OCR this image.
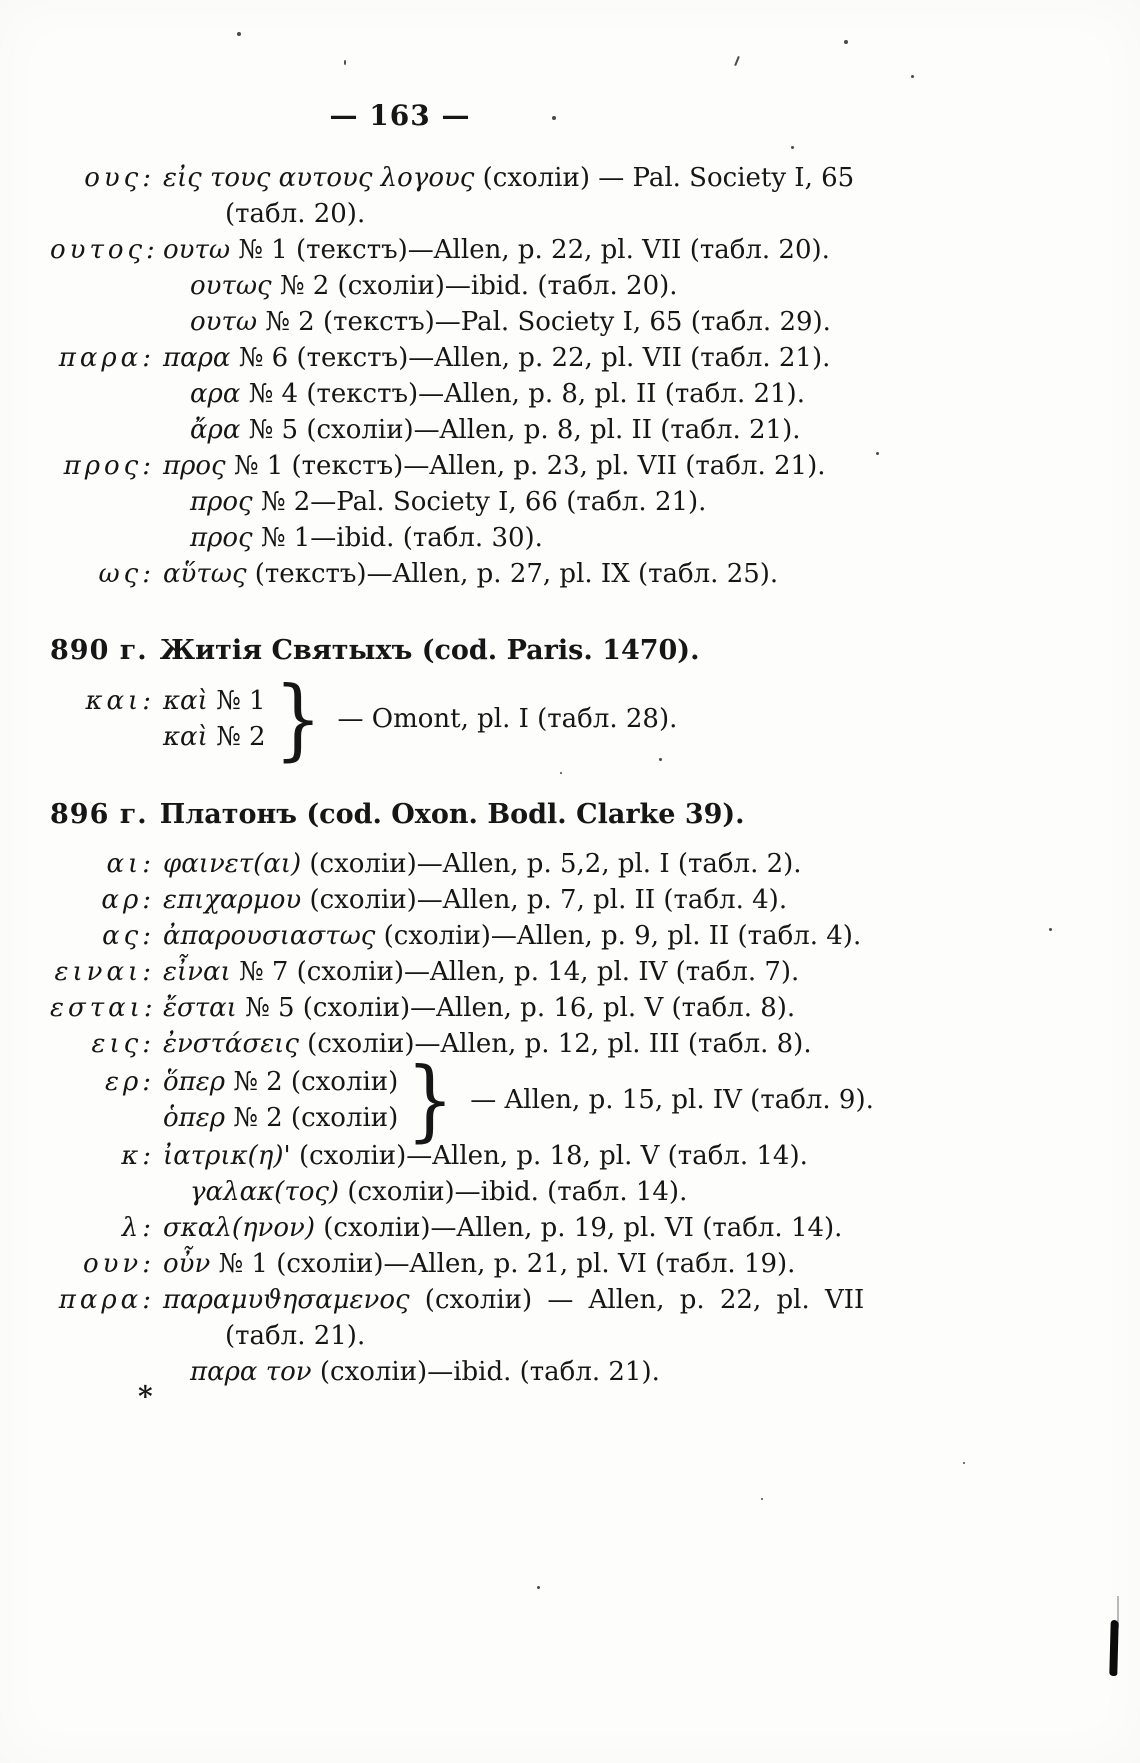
— 163 —
ους: εἰς τους αυτους λογους (схоліи) — Pal. Society I, 65
(табл. 20).
ουτος: ουτω № 1 (текстъ)—Allen, p. 22, pl. VII (табл. 20).
ουτως № 2 (схоліи)—ibid. (табл. 20).
ουτω № 2 (текстъ)—Pal. Society I, 65 (табл. 29).
παρα: παρα № 6 (текстъ)—Allen, p. 22, pl. VII (табл. 21).
αρα № 4 (текстъ)—Allen, p. 8, pl. II (табл. 21).
ἄρα № 5 (схоліи)—Allen, p. 8, pl. II (табл. 21).
προς: προς № 1 (текстъ)—Allen, p. 23, pl. VII (табл. 21).
προς № 2—Pal. Society I, 66 (табл. 21).
προς № 1—ibid. (табл. 30).
ως: αὕτως (текстъ)—Allen, p. 27, pl. IX (табл. 25).
890 г. Житія Святыхъ (cod. Paris. 1470).
και: καὶ № 1
καὶ № 2 } — Omont, pl. I (табл. 28).
896 г. Платонъ (cod. Oxon. Bodl. Clarke 39).
αι: φαινετ(αι) (схоліи)—Allen, p. 5,2, pl. I (табл. 2).
αρ: επιχαρμου (схоліи)—Allen, p. 7, pl. II (табл. 4).
ας: ἀπαρουσιαστως (схоліи)—Allen, p. 9, pl. II (табл. 4).
ειναι: εἶναι № 7 (схоліи)—Allen, p. 14, pl. IV (табл. 7).
εσται: ἔσται № 5 (схоліи)—Allen, p. 16, pl. V (табл. 8).
εις: ἐνστάσεις (схоліи)—Allen, p. 12, pl. III (табл. 8).
ερ: ὅπερ № 2 (схоліи)
ὁπερ № 2 (схоліи) } — Allen, p. 15, pl. IV (табл. 9).
κ: ἰατρικ(η)' (схоліи)—Allen, p. 18, pl. V (табл. 14).
γαλακ(τος) (схоліи)—ibid. (табл. 14).
λ: σκαλ(ηνον) (схоліи)—Allen, p. 19, pl. VI (табл. 14).
ουν: οὖν № 1 (схоліи)—Allen, p. 21, pl. VI (табл. 19).
παρα: παραμυϑησαμενος (схоліи) — Allen, p. 22, pl. VII
(табл. 21).
παρα τον (схоліи)—ibid. (табл. 21).
*
